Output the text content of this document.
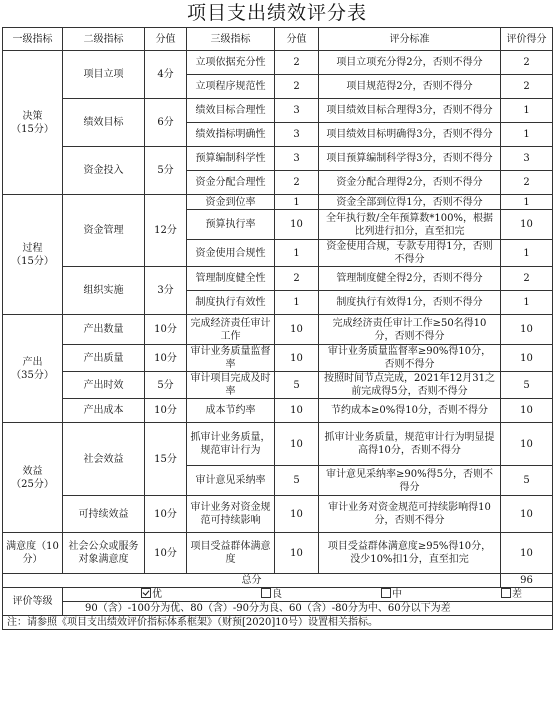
项目支出绩效评分表
一级指标	二级指标	分值	三级指标	分值	评分标准	评价得分

决策
（15分）	项目立项	4分	立项依据充分性	2	项目立项充分得2分，否则不得分	2
			立项程序规范性	2	项目规范得2分，否则不得分	2
	绩效目标	6分	绩效目标合理性	3	项目绩效目标合理得3分，否则不得分	1
			绩效指标明确性	3	项目绩效目标明确得3分，否则不得分	1
	资金投入	5分	预算编制科学性	3	项目预算编制科学得3分，否则不得分	3
			资金分配合理性	2	资金分配合理得2分，否则不得分	2

过程
（15分）	资金管理	12分	资金到位率	1	资金全部到位得1分，否则不得分	1
			预算执行率	10	全年执行数/全年预算数*100%，根据比列进行扣分，直至扣完	10
			资金使用合规性	1	资金使用合规，专款专用得1分，否则不得分	1
	组织实施	3分	管理制度健全性	2	管理制度健全得2分，否则不得分	2
			制度执行有效性	1	制度执行有效得1分，否则不得分	1

产出
（35分）	产出数量	10分	完成经济责任审计工作	10	完成经济责任审计工作≥50名得10分，否则不得分	10
	产出质量	10分	审计业务质量监督率	10	审计业务质量监督率≥90%得10分，否则不得分	10
	产出时效	5分	审计项目完成及时率	5	按照时间节点完成，2021年12月31之前完成得5分，否则不得分	5
	产出成本	10分	成本节约率	10	节约成本≥0%得10分，否则不得分	10

效益
（25分）	社会效益	15分	抓审计业务质量，规范审计行为	10	抓审计业务质量，规范审计行为明显提高得10分，否则不得分	10
			审计意见采纳率	5	审计意见采纳率≥90%得5分，否则不得分	5
	可持续效益	10分	审计业务对资金规范可持续影响	10	审计业务对资金规范可持续影响得10分，否则不得分	10

满意度（10分）	社会公众或服务对象满意度	10分	项目受益群体满意度	10	项目受益群体满意度≥95%得10分，没少10%扣1分，直至扣完	10
总分						96
评价等级	优 良 中 差					

	90（含）-100分为优、80（含）-90分为良、60（含）-80分为中、60分以下为差					
注：请参照《项目支出绩效评价指标体系框架》（财预[2020]10号）设置相关指标。						
